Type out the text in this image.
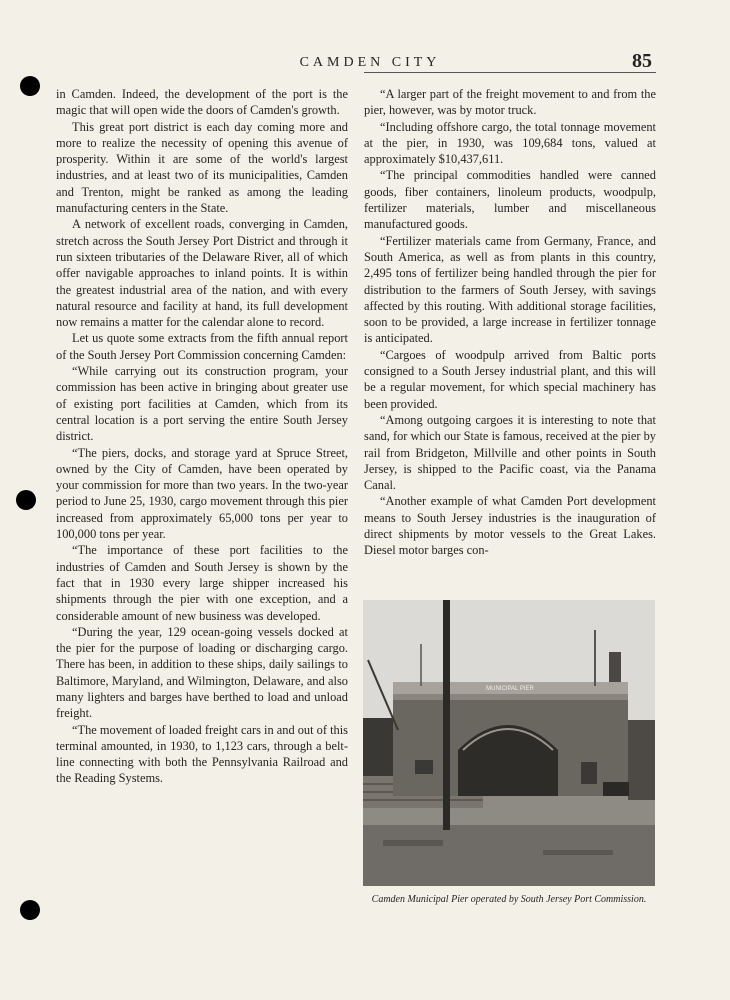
CAMDEN CITY	85

in Camden. Indeed, the development of the port is the magic that will open wide the doors of Camden's growth.

This great port district is each day coming more and more to realize the necessity of opening this avenue of prosperity. Within it are some of the world's largest industries, and at least two of its municipalities, Camden and Trenton, might be ranked as among the leading manufacturing centers in the State.

A network of excellent roads, converging in Camden, stretch across the South Jersey Port District and through it run sixteen tributaries of the Delaware River, all of which offer navigable approaches to inland points. It is within the greatest industrial area of the nation, and with every natural resource and facility at hand, its full development now remains a matter for the calendar alone to record.

Let us quote some extracts from the fifth annual report of the South Jersey Port Commission concerning Camden:

“While carrying out its construction program, your commission has been active in bringing about greater use of existing port facilities at Camden, which from its central location is a port serving the entire South Jersey district.

“The piers, docks, and storage yard at Spruce Street, owned by the City of Camden, have been operated by your commission for more than two years. In the two-year period to June 25, 1930, cargo movement through this pier increased from approximately 65,000 tons per year to 100,000 tons per year.

“The importance of these port facilities to the industries of Camden and South Jersey is shown by the fact that in 1930 every large shipper increased his shipments through the pier with one exception, and a considerable amount of new business was developed.

“During the year, 129 ocean-going vessels docked at the pier for the purpose of loading or discharging cargo. There has been, in addition to these ships, daily sailings to Baltimore, Maryland, and Wilmington, Delaware, and also many lighters and barges have berthed to load and unload freight.

“The movement of loaded freight cars in and out of this terminal amounted, in 1930, to 1,123 cars, through a belt-line connecting with both the Pennsylvania Railroad and the Reading Systems.

“A larger part of the freight movement to and from the pier, however, was by motor truck.

“Including offshore cargo, the total tonnage movement at the pier, in 1930, was 109,684 tons, valued at approximately $10,437,611.

“The principal commodities handled were canned goods, fiber containers, linoleum products, woodpulp, fertilizer materials, lumber and miscellaneous manufactured goods.

“Fertilizer materials came from Germany, France, and South America, as well as from plants in this country, 2,495 tons of fertilizer being handled through the pier for distribution to the farmers of South Jersey, with savings affected by this routing. With additional storage facilities, soon to be provided, a large increase in fertilizer tonnage is anticipated.

“Cargoes of woodpulp arrived from Baltic ports consigned to a South Jersey industrial plant, and this will be a regular movement, for which special machinery has been provided.

“Among outgoing cargoes it is interesting to note that sand, for which our State is famous, received at the pier by rail from Bridgeton, Millville and other points in South Jersey, is shipped to the Pacific coast, via the Panama Canal.

“Another example of what Camden Port development means to South Jersey industries is the inauguration of direct shipments by motor vessels to the Great Lakes. Diesel motor barges con-

MUNICIPAL PIER
Camden Municipal Pier operated by South Jersey Port Commission.
